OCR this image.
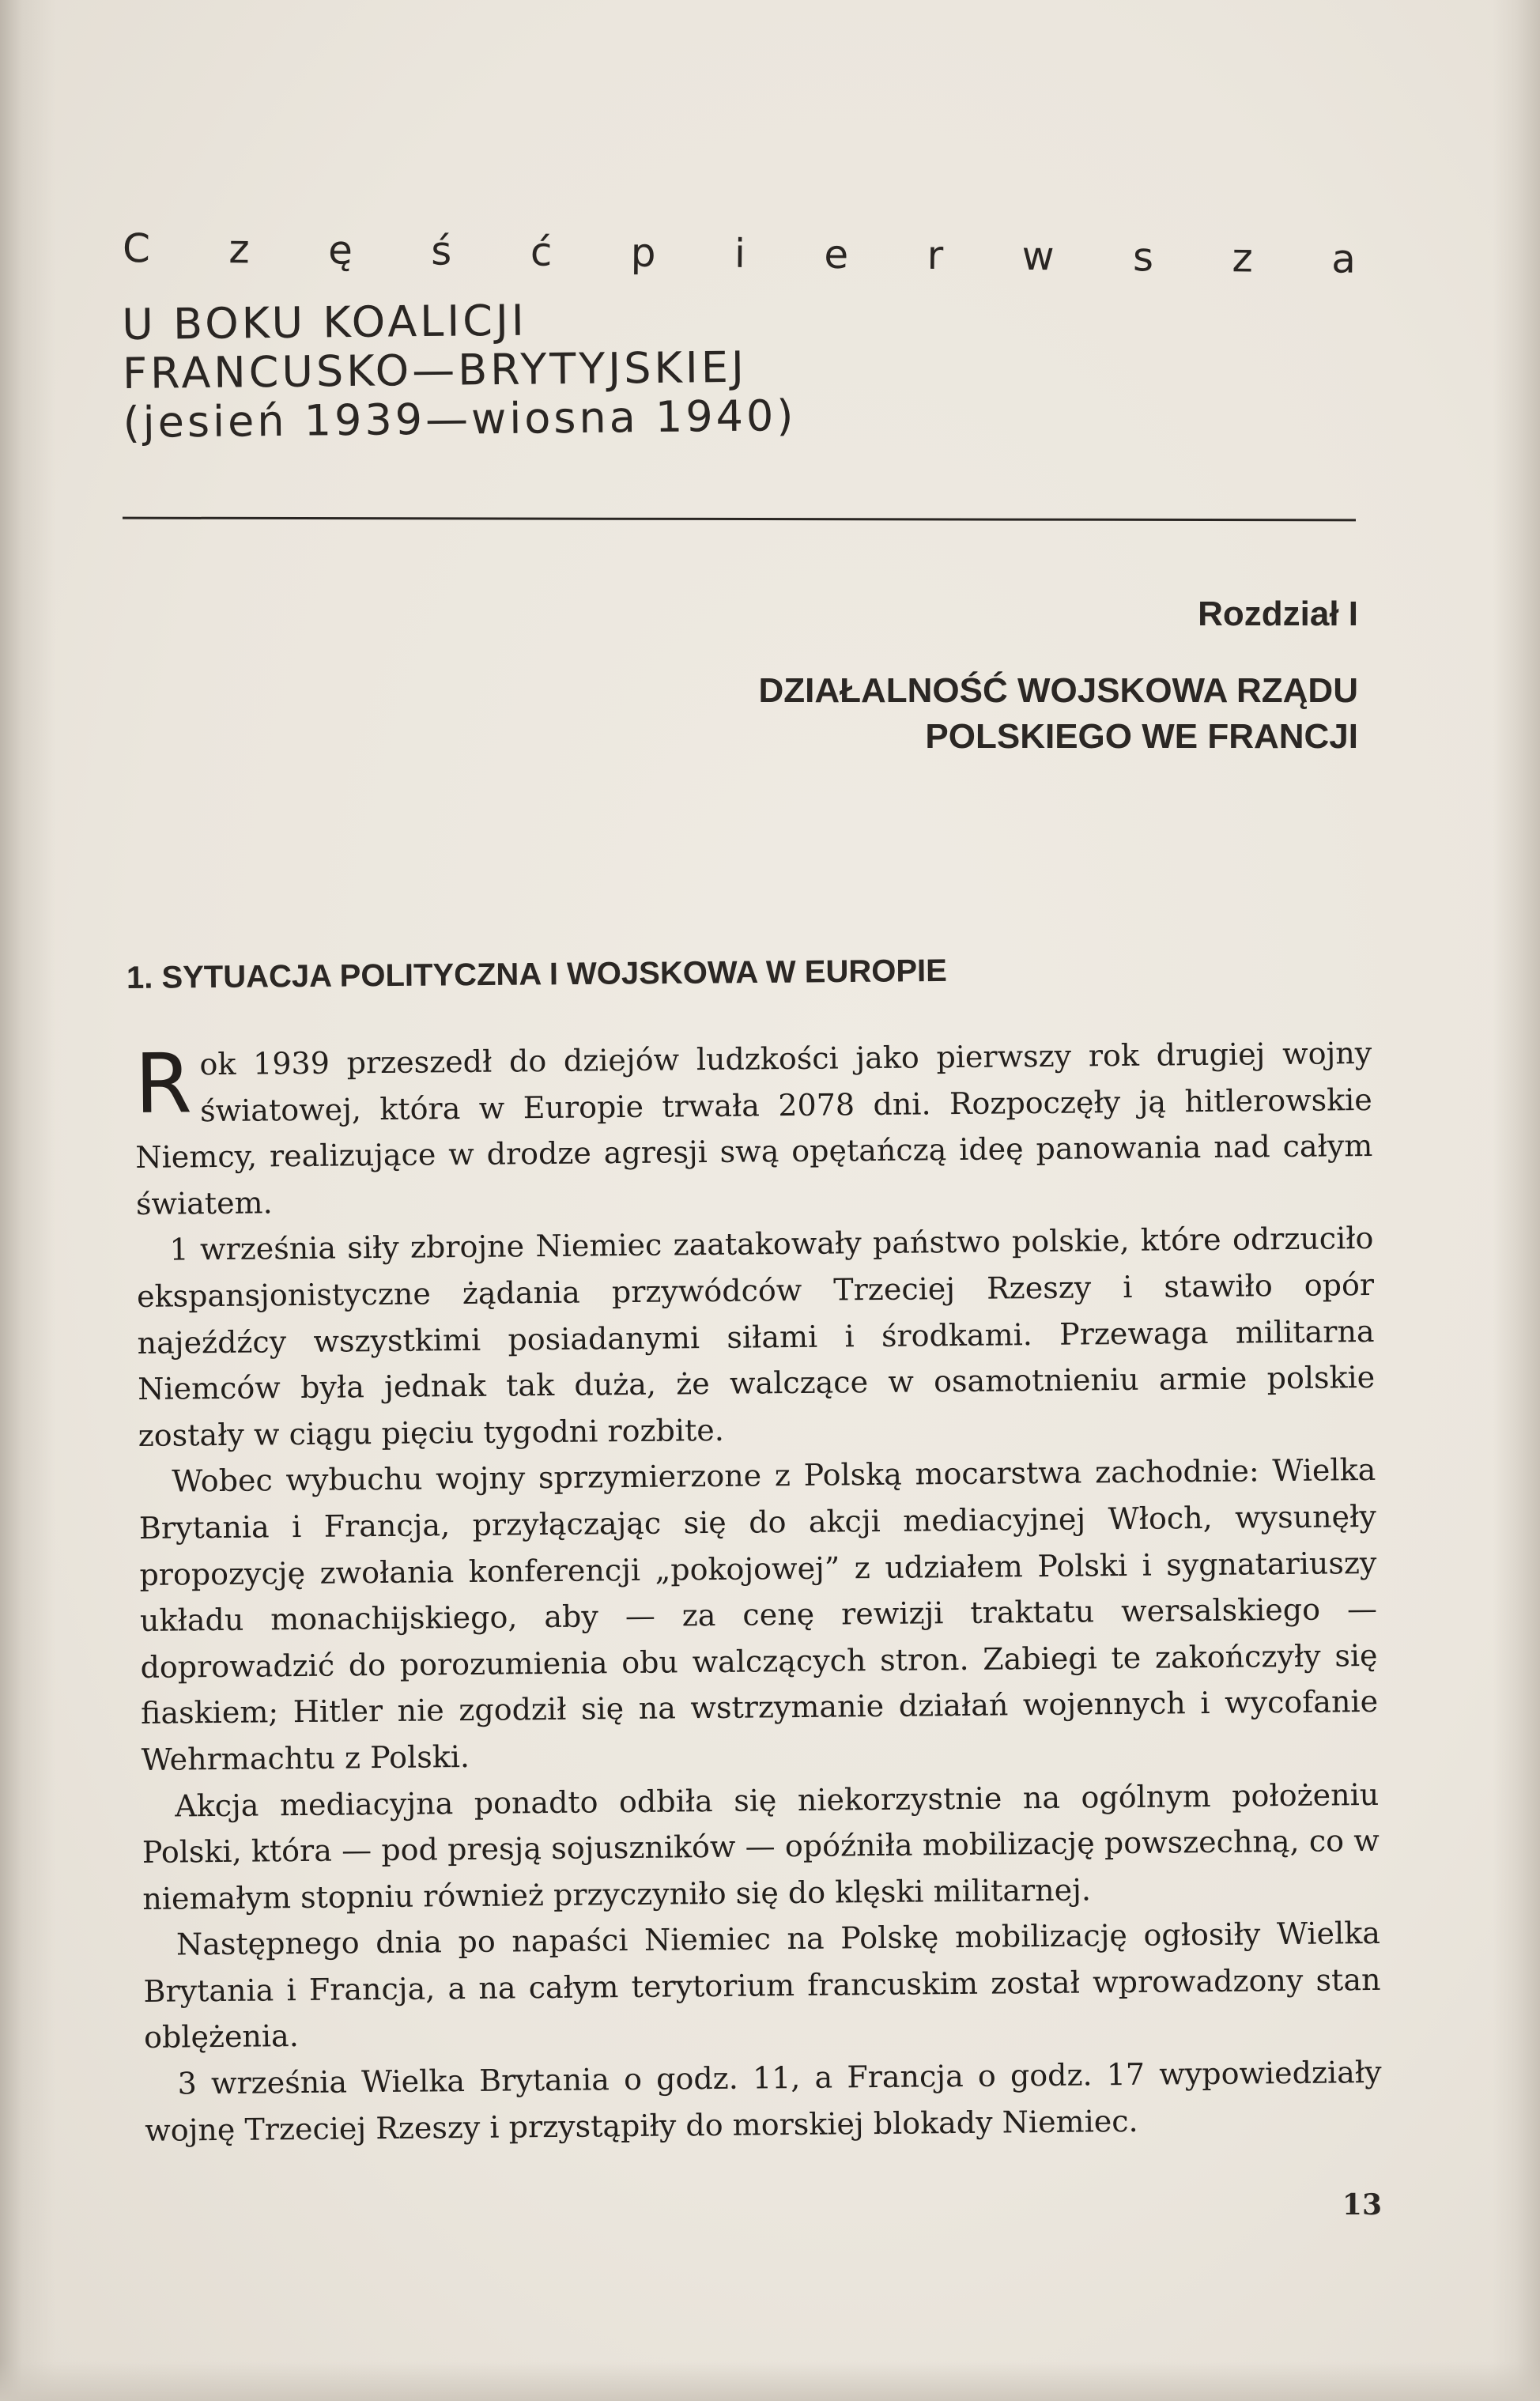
C z ę ś ć p i e r w s z a
U BOKU KOALICJI
FRANCUSKO—BRYTYJSKIEJ
(jesień 1939—wiosna 1940)
Rozdział I
DZIAŁALNOŚĆ WOJSKOWA RZĄDU
POLSKIEGO WE FRANCJI
1. SYTUACJA POLITYCZNA I WOJSKOWA W EUROPIE

Rok 1939 przeszedł do dziejów ludzkości jako pierwszy rok drugiej wojny światowej, która w Europie trwała 2078 dni. Rozpoczęły ją hitlerowskie Niemcy, realizujące w drodze agresji swą opętańczą ideę panowania nad całym światem.

1 września siły zbrojne Niemiec zaatakowały państwo polskie, które odrzuciło ekspansjonistyczne żądania przywódców Trzeciej Rzeszy i stawiło opór najeźdźcy wszystkimi posiadanymi siłami i środkami. Przewaga militarna Niemców była jednak tak duża, że walczące w osamotnieniu armie polskie zostały w ciągu pięciu tygodni rozbite.

Wobec wybuchu wojny sprzymierzone z Polską mocarstwa zachodnie: Wielka Brytania i Francja, przyłączając się do akcji mediacyjnej Włoch, wysunęły propozycję zwołania konferencji „pokojowej” z udziałem Polski i sygnatariuszy układu monachijskiego, aby — za cenę rewizji traktatu wersalskiego — doprowadzić do porozumienia obu walczących stron. Zabiegi te zakończyły się fiaskiem; Hitler nie zgodził się na wstrzymanie działań wojennych i wycofanie Wehrmachtu z Polski.

Akcja mediacyjna ponadto odbiła się niekorzystnie na ogólnym położeniu Polski, która — pod presją sojuszników — opóźniła mobilizację powszechną, co w niemałym stopniu również przyczyniło się do klęski militarnej.

Następnego dnia po napaści Niemiec na Polskę mobilizację ogłosiły Wielka Brytania i Francja, a na całym terytorium francuskim został wprowadzony stan oblężenia.

3 września Wielka Brytania o godz. 11, a Francja o godz. 17 wypowiedziały wojnę Trzeciej Rzeszy i przystąpiły do morskiej blokady Niemiec.

13
